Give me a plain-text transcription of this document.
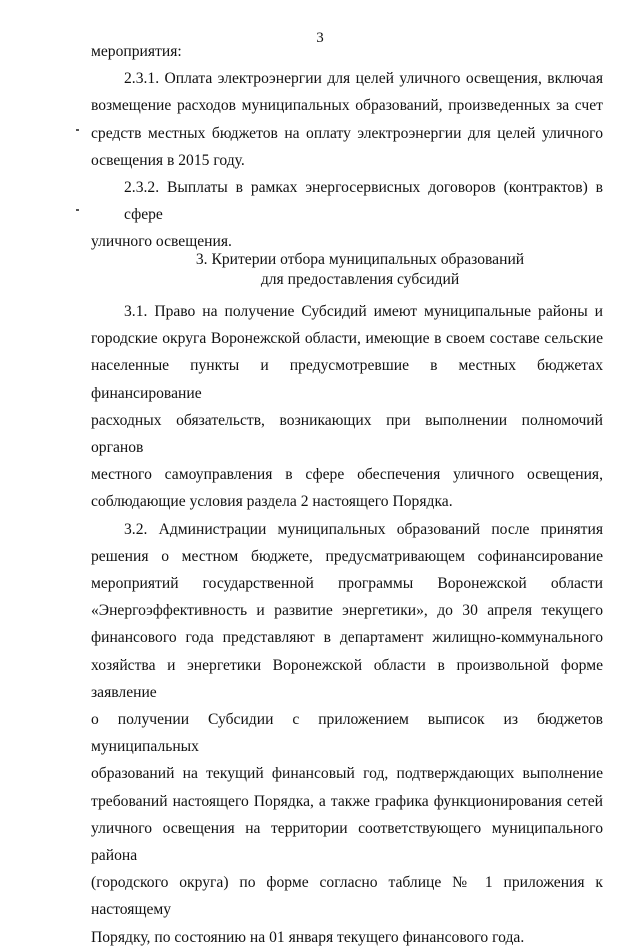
3

мероприятия:

2.3.1. Оплата электроэнергии для целей уличного освещения, включая

возмещение расходов муниципальных образований, произведенных за счет

средств местных бюджетов на оплату электроэнергии для целей уличного

освещения в 2015 году.

2.3.2. Выплаты в рамках энергосервисных договоров (контрактов) в сфере

уличного освещения.

3. Критерии отбора муниципальных образований
для предоставления субсидий

3.1. Право на получение Субсидий имеют муниципальные районы и

городские округа Воронежской области, имеющие в своем составе сельские

населенные пункты и предусмотревшие в местных бюджетах финансирование

расходных обязательств, возникающих при выполнении полномочий органов

местного самоуправления в сфере обеспечения уличного освещения,

соблюдающие условия раздела 2 настоящего Порядка.

3.2. Администрации муниципальных образований после принятия

решения о местном бюджете, предусматривающем софинансирование

мероприятий государственной программы Воронежской области

«Энергоэффективность и развитие энергетики», до 30 апреля текущего

финансового года представляют в департамент жилищно-коммунального

хозяйства и энергетики Воронежской области в произвольной форме заявление

о получении Субсидии с приложением выписок из бюджетов муниципальных

образований на текущий финансовый год, подтверждающих выполнение

требований настоящего Порядка, а также графика функционирования сетей

уличного освещения на территории соответствующего муниципального района

(городского округа) по форме согласно таблице № 1 приложения к настоящему

Порядку, по состоянию на 01 января текущего финансового года.
